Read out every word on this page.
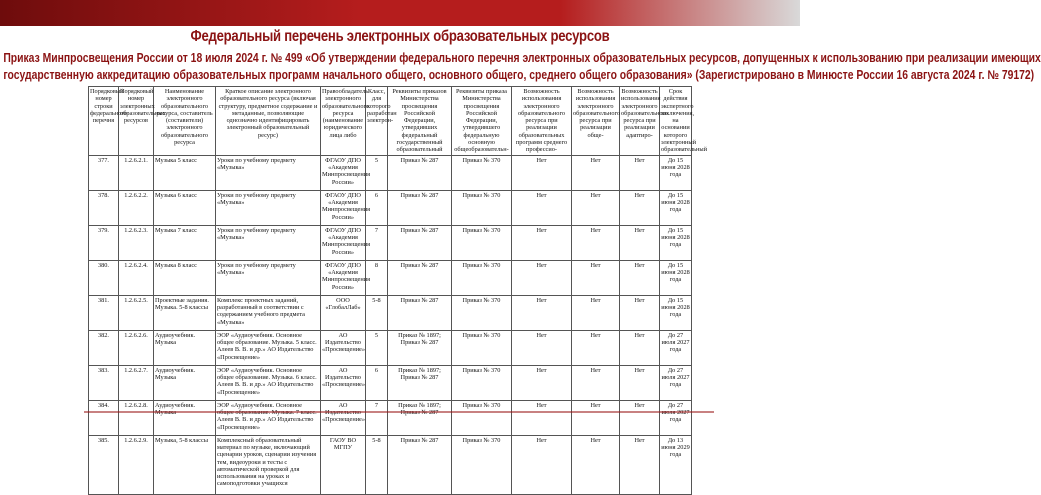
Федеральный перечень электронных образовательных ресурсов
Приказ Минпросвещения России от 18 июля 2024 г. № 499 «Об утверждении федерального перечня электронных образовательных ресурсов, допущенных к использованию при реализации имеющих
государственную аккредитацию образовательных программ начального общего, основного общего, среднего общего образования» (Зарегистрировано в Минюсте России 16 августа 2024 г. № 79172)
Порядковый номер строки федерального перечня	Порядковый номер электронных образовательных ресурсов	Наименование электронного образовательного ресурса, составитель (составители) электронного образовательного ресурса	Краткое описание электронного образовательного ресурса (включая структуру, предметное содержание и метаданные, позволяющие однозначно идентифицировать электронный образовательный ресурс)	Правообладатель электронного образовательного ресурса (наименование юридического лица либо	Класс, для которого разработан электрон-	Реквизиты приказов Министерства просвещения Российской Федерации, утвердивших федеральный государственный образовательный	Реквизиты приказа Министерства просвещения Российской Федерации, утвердившего федеральную основную общеобразовательн-	Возможность использования электронного образовательного ресурса при реализации образовательных программ среднего профессио-	Возможность использования электронного образовательного ресурса при реализации обще-	Возможность использования электронного образовательного ресурса при реализации адаптиро-	Срок действия экспертного заключения, на основании которого электронный образовательный
377.	1.2.6.2.1.	Музыка 5 класс	Уроки по учебному предмету «Музыка»	ФГАОУ ДПО «Академия Минпросвещения России»	5	Приказ № 287	Приказ № 370	Нет	Нет	Нет	До 15 июня 2028 года
378.	1.2.6.2.2.	Музыка 6 класс	Уроки по учебному предмету «Музыка»	ФГАОУ ДПО «Академия Минпросвещения России»	6	Приказ № 287	Приказ № 370	Нет	Нет	Нет	До 15 июня 2028 года
379.	1.2.6.2.3.	Музыка 7 класс	Уроки по учебному предмету «Музыка»	ФГАОУ ДПО «Академия Минпросвещения России»	7	Приказ № 287	Приказ № 370	Нет	Нет	Нет	До 15 июня 2028 года
380.	1.2.6.2.4.	Музыка 8 класс	Уроки по учебному предмету «Музыка»	ФГАОУ ДПО «Академия Минпросвещения России»	8	Приказ № 287	Приказ № 370	Нет	Нет	Нет	До 15 июня 2028 года
381.	1.2.6.2.5.	Проектные задания. Музыка. 5-8 классы	Комплекс проектных заданий, разработанный в соответствии с содержанием учебного предмета «Музыка»	ООО «ГлобалЛаб»	5-8	Приказ № 287	Приказ № 370	Нет	Нет	Нет	До 15 июня 2028 года
382.	1.2.6.2.6.	Аудиоучебник. Музыка	ЭОР «Аудиоучебник. Основное общее образование. Музыка. 5 класс. Алеев В. В. и др.» АО Издательство «Просвещение»	АО Издательство «Просвещение»	5	Приказ № 1897; Приказ № 287	Приказ № 370	Нет	Нет	Нет	До 27 июля 2027 года
383.	1.2.6.2.7.	Аудиоучебник. Музыка	ЭОР «Аудиоучебник. Основное общее образование. Музыка. 6 класс. Алеев В. В. и др.» АО Издательство «Просвещение»	АО Издательство «Просвещение»	6	Приказ № 1897; Приказ № 287	Приказ № 370	Нет	Нет	Нет	До 27 июля 2027 года
384.	1.2.6.2.8.	Аудиоучебник.	ЭОР «Аудиоучебник. Основное Алеев В. В. и др.» АО Издательство «Просвещение»	АО «Просвещение»	7	Приказ № 1897;	Приказ № 370	Нет	Нет	Нет	До 27 года
385.	1.2.6.2.9.	Музыка, 5-8 классы	Комплексный образовательный материал по музыке, включающий сценарии уроков, сценарии изучения тем, видеоуроки и тесты с автоматической проверкой для использования на уроках и самоподготовки учащихся	ГАОУ ВО МГПУ	5-8	Приказ № 287	Приказ № 370	Нет	Нет	Нет	До 13 июня 2029 года
